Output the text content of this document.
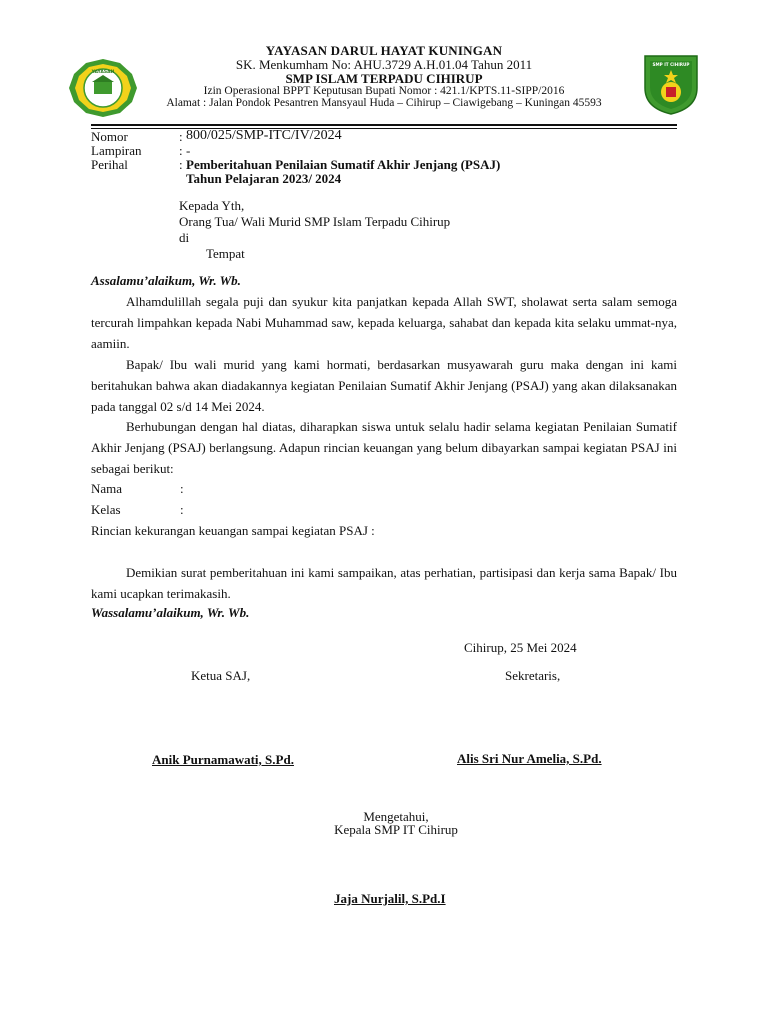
YAYASAN
SMP IT CIHIRUP
YAYASAN DARUL HAYAT KUNINGAN
SK. Menkumham No: AHU.3729 A.H.01.04 Tahun 2011
SMP ISLAM TERPADU CIHIRUP
Izin Operasional BPPT Keputusan Bupati Nomor : 421.1/KPTS.11-SIPP/2016
Alamat : Jalan Pondok Pesantren Mansyaul Huda – Cihirup – Ciawigebang – Kuningan 45593
Nomor	: 800/025/SMP-ITC/IV/2024
Lampiran	: -
Perihal	: Pemberitahuan Penilaian Sumatif Akhir Jenjang (PSAJ)
Tahun Pelajaran 2023/ 2024
Kepada Yth,
Orang Tua/ Wali Murid SMP Islam Terpadu Cihirup
di
Tempat
Assalamu’alaikum, Wr. Wb.

Alhamdulillah segala puji dan syukur kita panjatkan kepada Allah SWT, sholawat serta salam semoga tercurah limpahkan kepada Nabi Muhammad saw, kepada keluarga, sahabat dan kepada kita selaku ummat-nya, aamiin.

Bapak/ Ibu wali murid yang kami hormati, berdasarkan musyawarah guru maka dengan ini kami beritahukan bahwa akan diadakannya kegiatan Penilaian Sumatif Akhir Jenjang (PSAJ) yang akan dilaksanakan pada tanggal 02 s/d 14 Mei 2024.

Berhubungan dengan hal diatas, diharapkan siswa untuk selalu hadir selama kegiatan Penilaian Sumatif Akhir Jenjang (PSAJ) berlangsung. Adapun rincian keuangan yang belum dibayarkan sampai kegiatan PSAJ ini sebagai berikut:

Nama	:
Kelas	:
Rincian kekurangan keuangan sampai kegiatan PSAJ :

Demikian surat pemberitahuan ini kami sampaikan, atas perhatian, partisipasi dan kerja sama Bapak/ Ibu kami ucapkan terimakasih.

Wassalamu’alaikum, Wr. Wb.
Cihirup, 25 Mei 2024
Ketua SAJ,	Sekretaris,
Anik Purnamawati, S.Pd.	Alis Sri Nur Amelia, S.Pd.
Mengetahui,
Kepala SMP IT Cihirup
Jaja Nurjalil, S.Pd.I
